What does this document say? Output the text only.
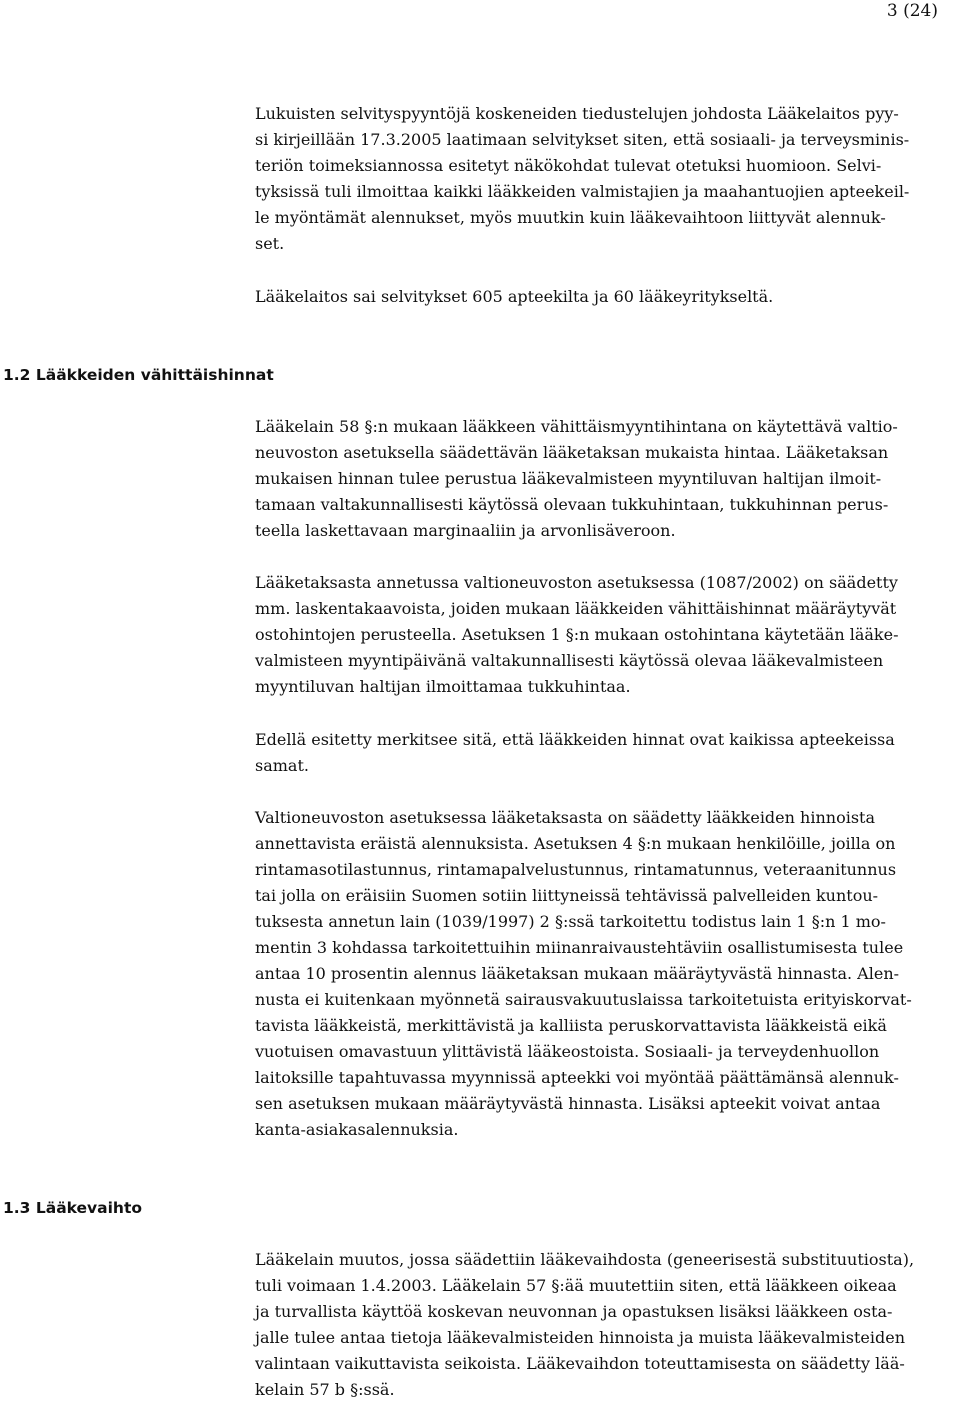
3 (24)

Lukuisten selvityspyyntöjä koskeneiden tiedustelujen johdosta Lääkelaitos pyy-
si kirjeillään 17.3.2005 laatimaan selvitykset siten, että sosiaali- ja terveysminis-
teriön toimeksiannossa esitetyt näkökohdat tulevat otetuksi huomioon. Selvi-
tyksissä tuli ilmoittaa kaikki lääkkeiden valmistajien ja maahantuojien apteekeil-
le myöntämät alennukset, myös muutkin kuin lääkevaihtoon liittyvät alennuk-
set.

Lääkelaitos sai selvitykset 605 apteekilta ja 60 lääkeyritykseltä.

1.2 Lääkkeiden vähittäishinnat

Lääkelain 58 §:n mukaan lääkkeen vähittäismyyntihintana on käytettävä valtio-
neuvoston asetuksella säädettävän lääketaksan mukaista hintaa. Lääketaksan
mukaisen hinnan tulee perustua lääkevalmisteen myyntiluvan haltijan ilmoit-
tamaan valtakunnallisesti käytössä olevaan tukkuhintaan, tukkuhinnan perus-
teella laskettavaan marginaaliin ja arvonlisäveroon.

Lääketaksasta annetussa valtioneuvoston asetuksessa (1087/2002) on säädetty
mm. laskentakaavoista, joiden mukaan lääkkeiden vähittäishinnat määräytyvät
ostohintojen perusteella. Asetuksen 1 §:n mukaan ostohintana käytetään lääke-
valmisteen myyntipäivänä valtakunnallisesti käytössä olevaa lääkevalmisteen
myyntiluvan haltijan ilmoittamaa tukkuhintaa.

Edellä esitetty merkitsee sitä, että lääkkeiden hinnat ovat kaikissa apteekeissa
samat.

Valtioneuvoston asetuksessa lääketaksasta on säädetty lääkkeiden hinnoista
annettavista eräistä alennuksista. Asetuksen 4 §:n mukaan henkilöille, joilla on
rintamasotilastunnus, rintamapalvelustunnus, rintamatunnus, veteraanitunnus
tai jolla on eräisiin Suomen sotiin liittyneissä tehtävissä palvelleiden kuntou-
tuksesta annetun lain (1039/1997) 2 §:ssä tarkoitettu todistus lain 1 §:n 1 mo-
mentin 3 kohdassa tarkoitettuihin miinanraivaustehtäviin osallistumisesta tulee
antaa 10 prosentin alennus lääketaksan mukaan määräytyvästä hinnasta. Alen-
nusta ei kuitenkaan myönnetä sairausvakuutuslaissa tarkoitetuista erityiskorvat-
tavista lääkkeistä, merkittävistä ja kalliista peruskorvattavista lääkkeistä eikä
vuotuisen omavastuun ylittävistä lääkeostoista. Sosiaali- ja terveydenhuollon
laitoksille tapahtuvassa myynnissä apteekki voi myöntää päättämänsä alennuk-
sen asetuksen mukaan määräytyvästä hinnasta. Lisäksi apteekit voivat antaa
kanta-asiakasalennuksia.

1.3 Lääkevaihto

Lääkelain muutos, jossa säädettiin lääkevaihdosta (geneerisestä substituutiosta),
tuli voimaan 1.4.2003. Lääkelain 57 §:ää muutettiin siten, että lääkkeen oikeaa
ja turvallista käyttöä koskevan neuvonnan ja opastuksen lisäksi lääkkeen osta-
jalle tulee antaa tietoja lääkevalmisteiden hinnoista ja muista lääkevalmisteiden
valintaan vaikuttavista seikoista. Lääkevaihdon toteuttamisesta on säädetty lää-
kelain 57 b §:ssä.
